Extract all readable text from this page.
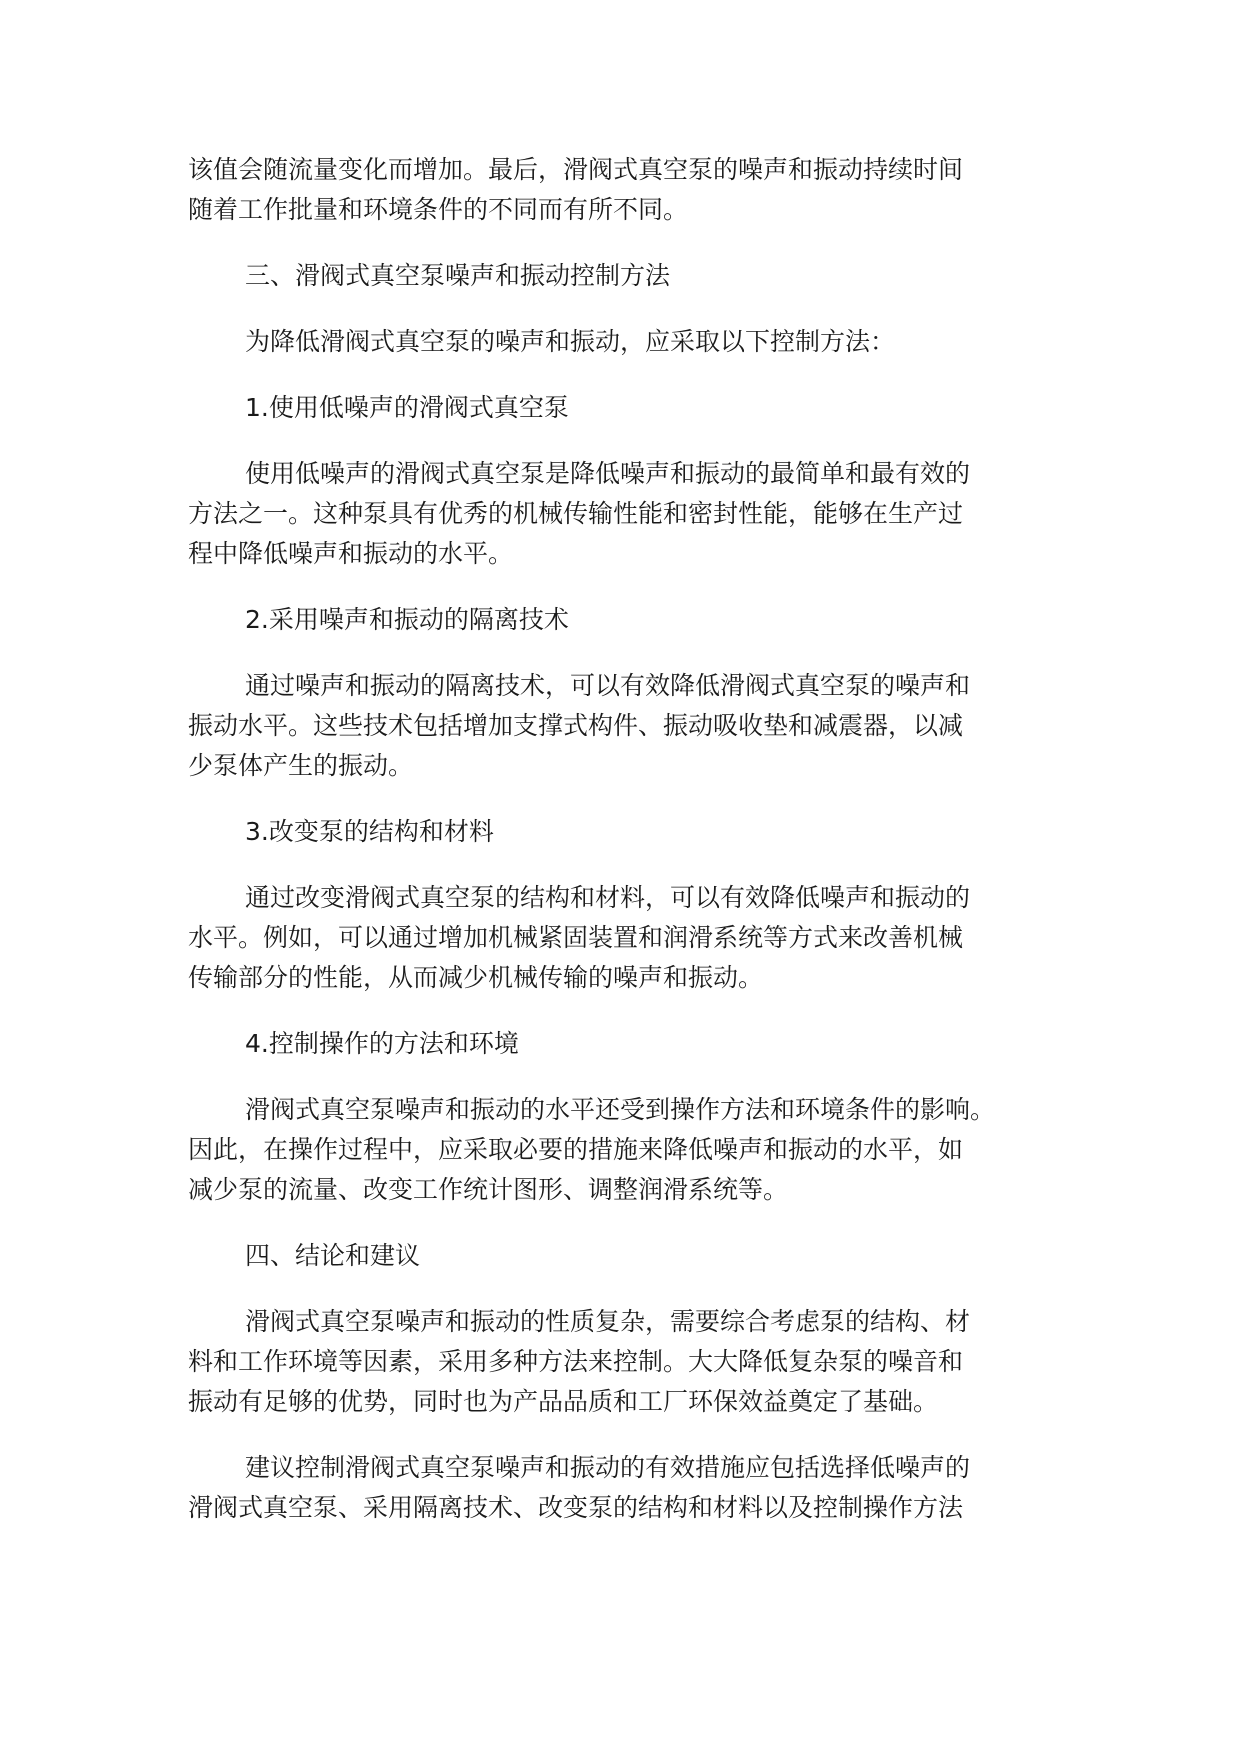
该值会随流量变化而增加。最后，滑阀式真空泵的噪声和振动持续时间
随着工作批量和环境条件的不同而有所不同。
三、滑阀式真空泵噪声和振动控制方法
为降低滑阀式真空泵的噪声和振动，应采取以下控制方法：
1.使用低噪声的滑阀式真空泵
使用低噪声的滑阀式真空泵是降低噪声和振动的最简单和最有效的
方法之一。这种泵具有优秀的机械传输性能和密封性能，能够在生产过
程中降低噪声和振动的水平。
2.采用噪声和振动的隔离技术
通过噪声和振动的隔离技术，可以有效降低滑阀式真空泵的噪声和
振动水平。这些技术包括增加支撑式构件、振动吸收垫和减震器，以减
少泵体产生的振动。
3.改变泵的结构和材料
通过改变滑阀式真空泵的结构和材料，可以有效降低噪声和振动的
水平。例如，可以通过增加机械紧固装置和润滑系统等方式来改善机械
传输部分的性能，从而减少机械传输的噪声和振动。
4.控制操作的方法和环境
滑阀式真空泵噪声和振动的水平还受到操作方法和环境条件的影响。
因此，在操作过程中，应采取必要的措施来降低噪声和振动的水平，如
减少泵的流量、改变工作统计图形、调整润滑系统等。
四、结论和建议
滑阀式真空泵噪声和振动的性质复杂，需要综合考虑泵的结构、材
料和工作环境等因素，采用多种方法来控制。大大降低复杂泵的噪音和
振动有足够的优势，同时也为产品品质和工厂环保效益奠定了基础。
建议控制滑阀式真空泵噪声和振动的有效措施应包括选择低噪声的
滑阀式真空泵、采用隔离技术、改变泵的结构和材料以及控制操作方法
